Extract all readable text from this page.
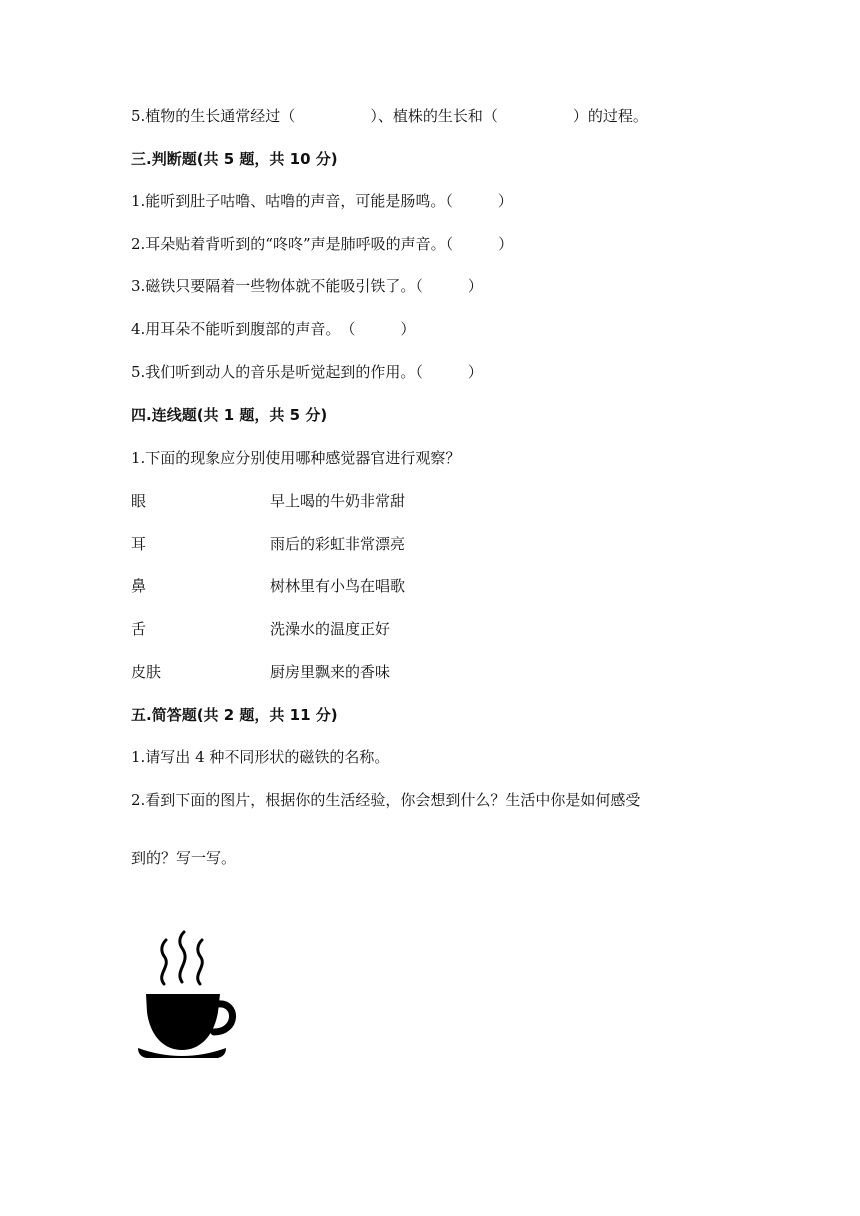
5.植物的生长通常经过（　　　　　）、植株的生长和（　　　　　）的过程。
三.判断题(共 5 题，共 10 分)
1.能听到肚子咕噜、咕噜的声音，可能是肠鸣。（　　　）
2.耳朵贴着背听到的“咚咚”声是肺呼吸的声音。（　　　）
3.磁铁只要隔着一些物体就不能吸引铁了。（　　　）
4.用耳朵不能听到腹部的声音。　（　　　）
5.我们听到动人的音乐是听觉起到的作用。（　　　）
四.连线题(共 1 题，共 5 分)
1.下面的现象应分别使用哪种感觉器官进行观察？
眼	早上喝的牛奶非常甜
耳	雨后的彩虹非常漂亮
鼻	树林里有小鸟在唱歌
舌	洗澡水的温度正好
皮肤	厨房里飘来的香味
五.简答题(共 2 题，共 11 分)
1.请写出 4 种不同形状的磁铁的名称。
2.看到下面的图片，根据你的生活经验，你会想到什么？生活中你是如何感受
到的？写一写。
